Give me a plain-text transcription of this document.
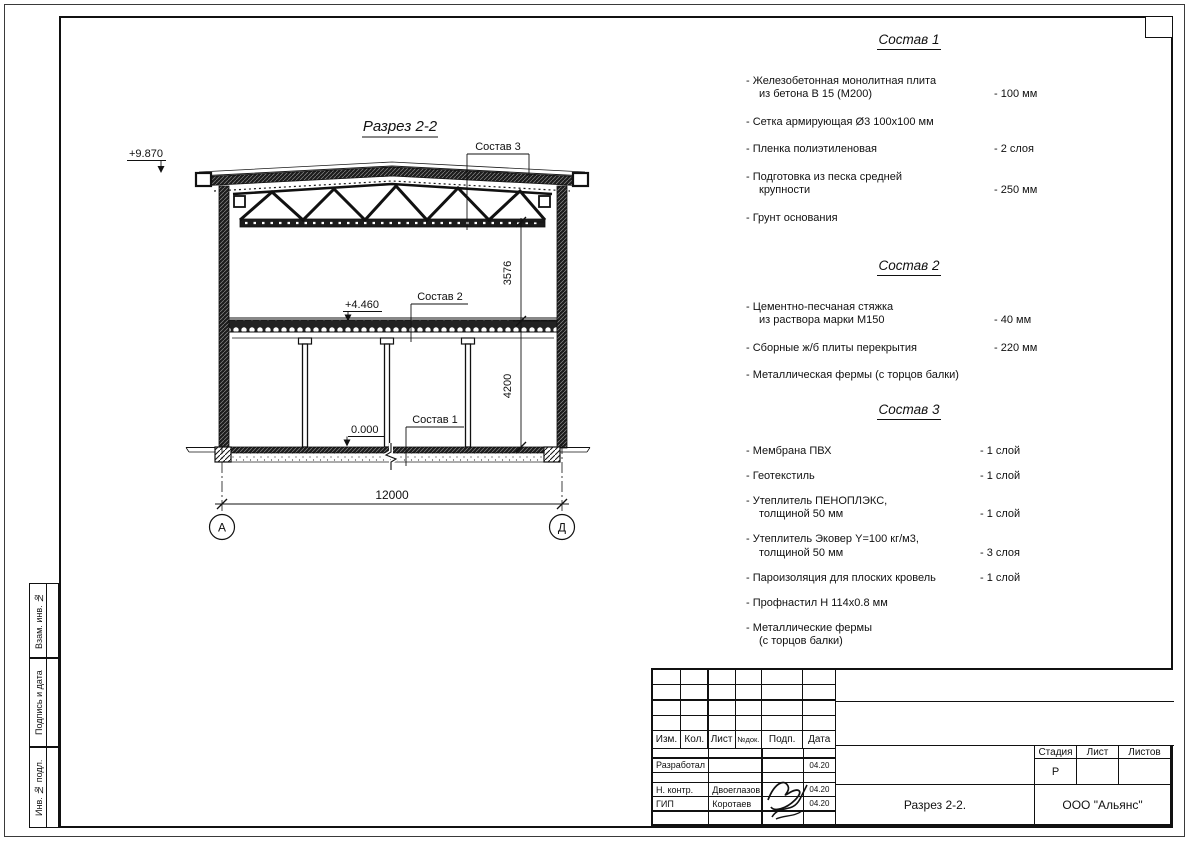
Взам. инв. №
Подпись и дата
Инв. № подл.
Разрез 2-2
+9.870
+4.460
0.000
Состав 3
Состав 2
Состав 1
3576
4200
12000
А	Д
Состав 1
- Железобетонная монолитная плита
из бетона В 15 (М200)	- 100 мм
- Сетка армирующая Ø3 100х100 мм
- Пленка полиэтиленовая	- 2 слоя
- Подготовка из песка средней
крупности	- 250 мм
- Грунт основания
Состав 2
- Цементно-песчаная стяжка
из раствора марки М150	- 40 мм
- Сборные ж/б плиты перекрытия	- 220 мм
- Металлическая фермы (с торцов балки)
Состав 3
- Мембрана ПВХ	- 1 слой
- Геотекстиль	- 1 слой
- Утеплитель ПЕНОПЛЭКС,
толщиной 50 мм	- 1 слой
- Утеплитель Эковер Y=100 кг/м3,
толщиной 50 мм	- 3 слоя
- Пароизоляция для плоских кровель	- 1 слой
- Профнастил Н 114х0.8 мм
- Металлические фермы
(с торцов балки)
Изм. Кол. Лист №док. Подп.	Дата
Разработал	04.20
Н. контр.	Двоеглазов	04.20
ГИП	Коротаев	04.20
Стадия	Лист	Листов
Р
Разрез 2-2.	ООО "Альянс"
